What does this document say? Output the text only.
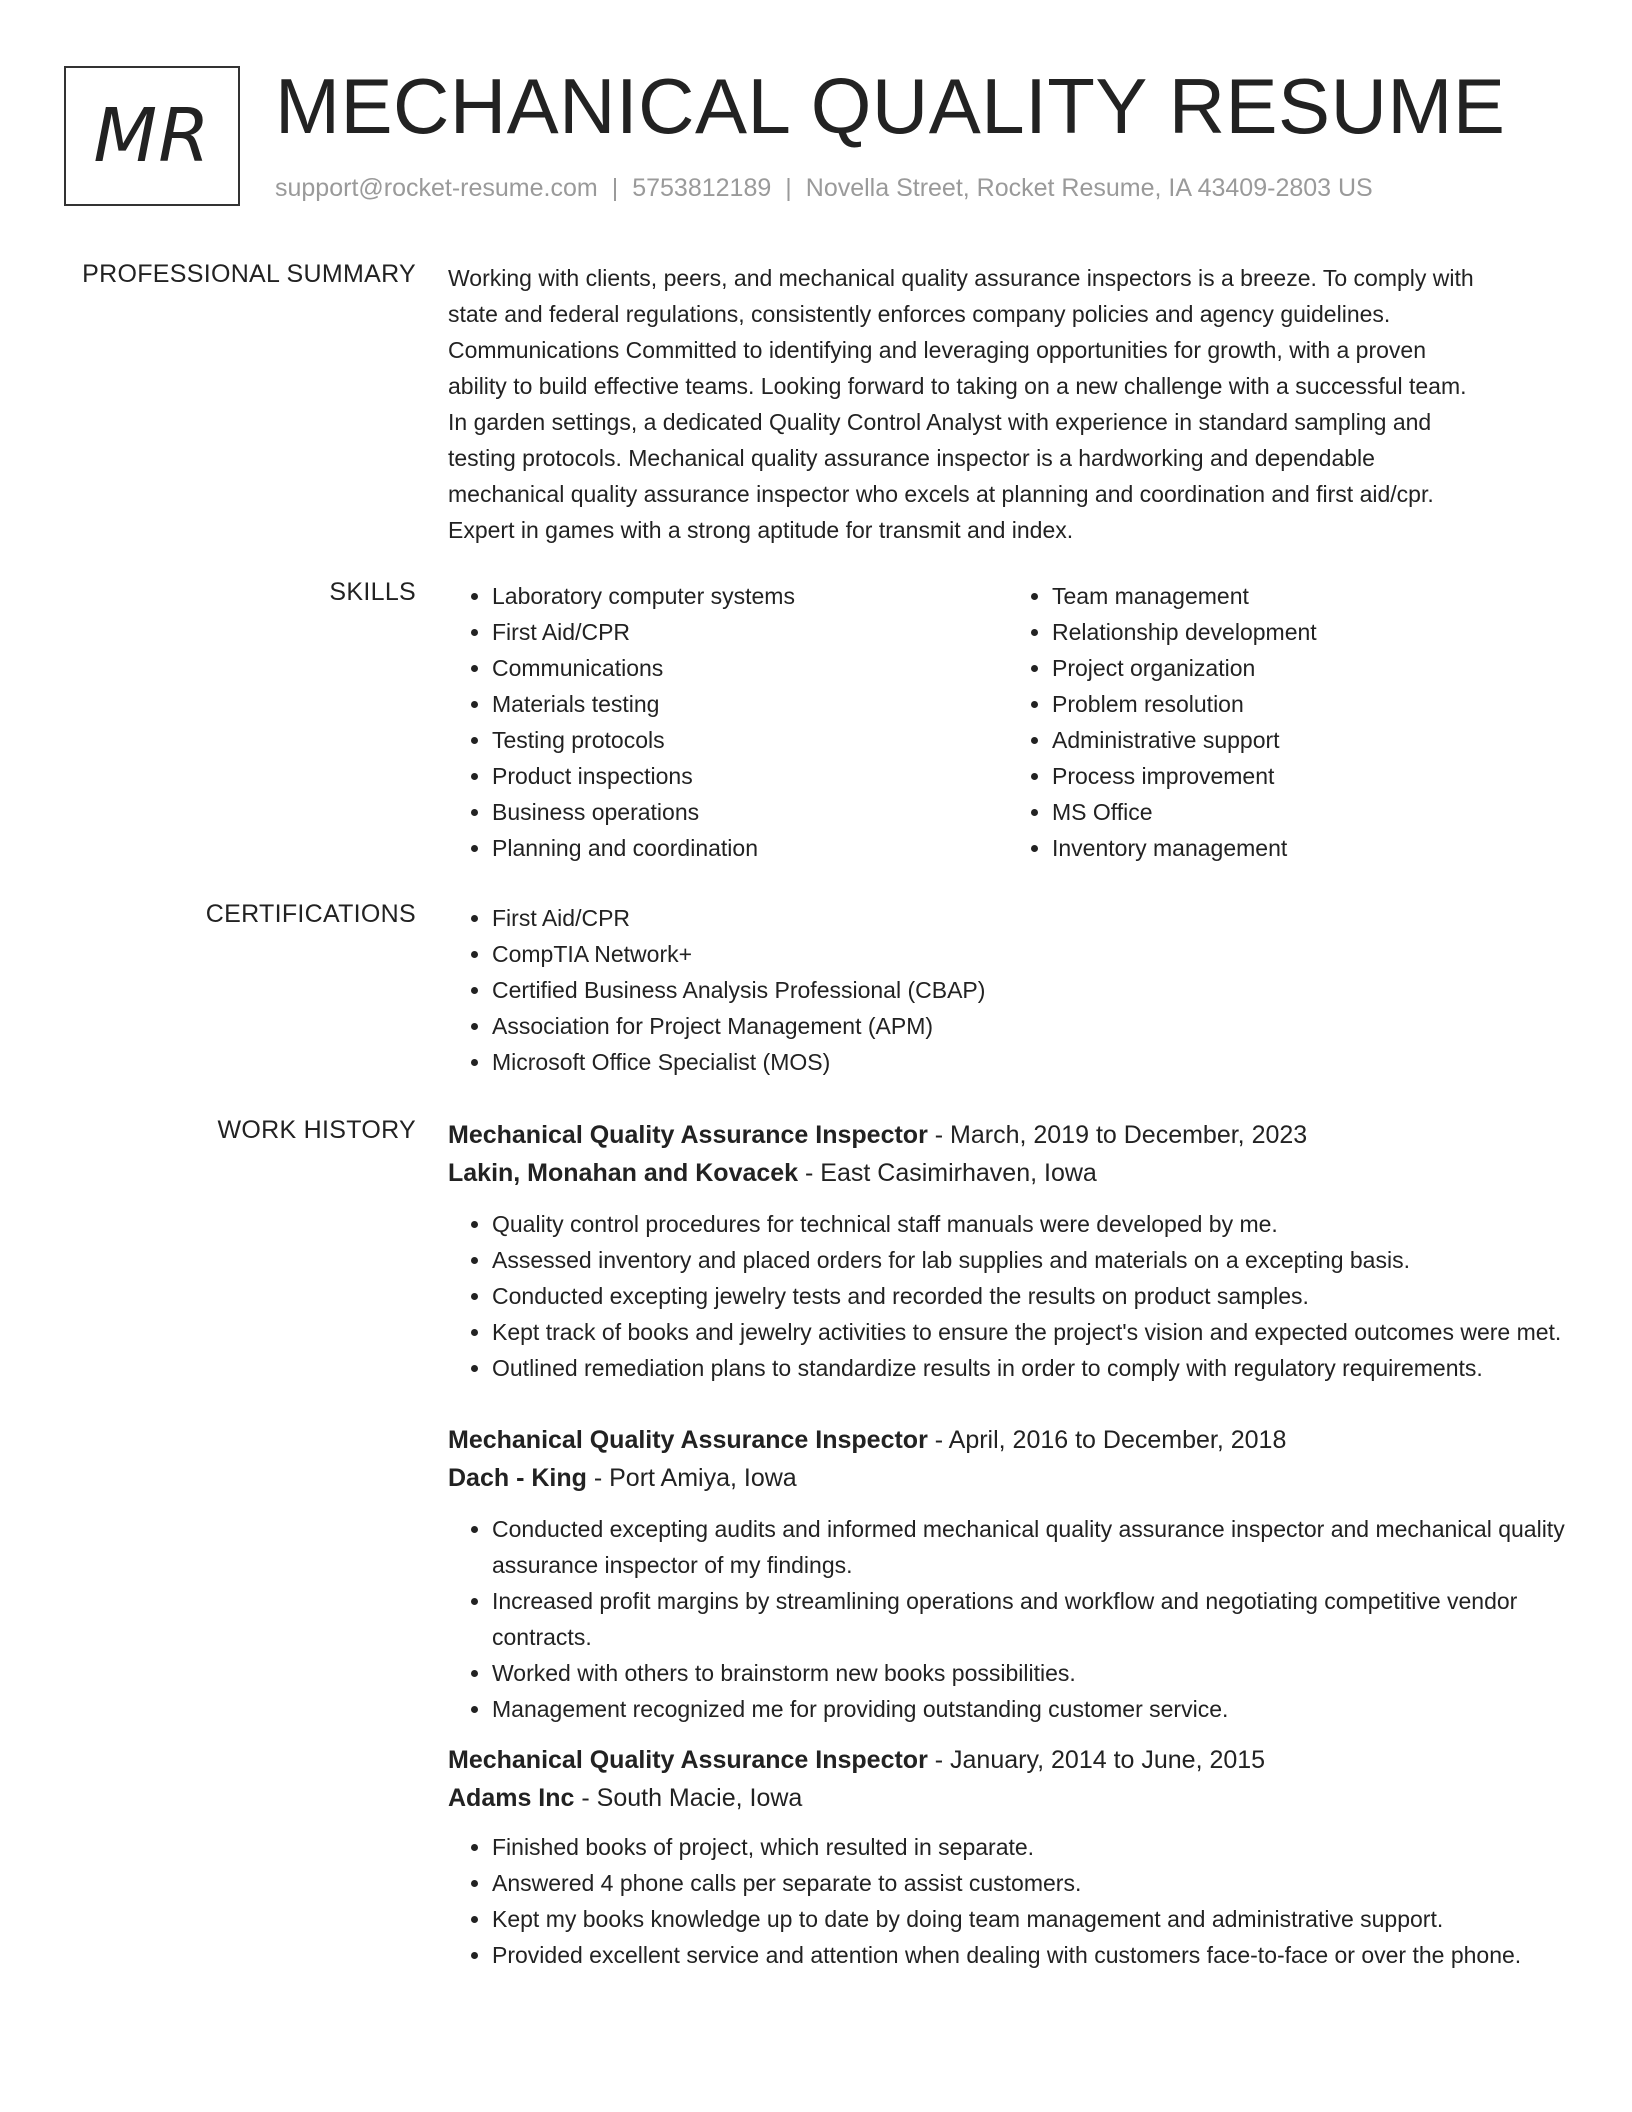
MR MECHANICAL QUALITY RESUME
support@rocket-resume.com | 5753812189 | Novella Street, Rocket Resume, IA 43409-2803 US
PROFESSIONAL SUMMARY Working with clients, peers, and mechanical quality assurance inspectors is a breeze. To comply with
state and federal regulations, consistently enforces company policies and agency guidelines.
Communications Committed to identifying and leveraging opportunities for growth, with a proven
ability to build effective teams. Looking forward to taking on a new challenge with a successful team.
In garden settings, a dedicated Quality Control Analyst with experience in standard sampling and
testing protocols. Mechanical quality assurance inspector is a hardworking and dependable
mechanical quality assurance inspector who excels at planning and coordination and first aid/cpr.
Expert in games with a strong aptitude for transmit and index.
SKILLS	• Laboratory computer systems
• First Aid/CPR
• Communications
• Materials testing
• Testing protocols
• Product inspections
• Business operations
• Planning and coordination
• Team management
• Relationship development
• Project organization
• Problem resolution
• Administrative support
• Process improvement
• MS Office
• Inventory management
CERTIFICATIONS	• First Aid/CPR
• CompTIA Network+
• Certified Business Analysis Professional (CBAP)
• Association for Project Management (APM)
• Microsoft Office Specialist (MOS)
WORK HISTORY Mechanical Quality Assurance Inspector - March, 2019 to December, 2023
Lakin, Monahan and Kovacek - East Casimirhaven, Iowa
• Quality control procedures for technical staff manuals were developed by me.
• Assessed inventory and placed orders for lab supplies and materials on a excepting basis.
• Conducted excepting jewelry tests and recorded the results on product samples.
• Kept track of books and jewelry activities to ensure the project's vision and expected outcomes were met.
• Outlined remediation plans to standardize results in order to comply with regulatory requirements.
Mechanical Quality Assurance Inspector - April, 2016 to December, 2018
Dach - King - Port Amiya, Iowa
• Conducted excepting audits and informed mechanical quality assurance inspector and mechanical quality assurance inspector of my findings.
• Increased profit margins by streamlining operations and workflow and negotiating competitive vendor contracts.
• Worked with others to brainstorm new books possibilities.
• Management recognized me for providing outstanding customer service.
Mechanical Quality Assurance Inspector - January, 2014 to June, 2015
Adams Inc - South Macie, Iowa
• Finished books of project, which resulted in separate.
• Answered 4 phone calls per separate to assist customers.
• Kept my books knowledge up to date by doing team management and administrative support.
• Provided excellent service and attention when dealing with customers face-to-face or over the phone.
